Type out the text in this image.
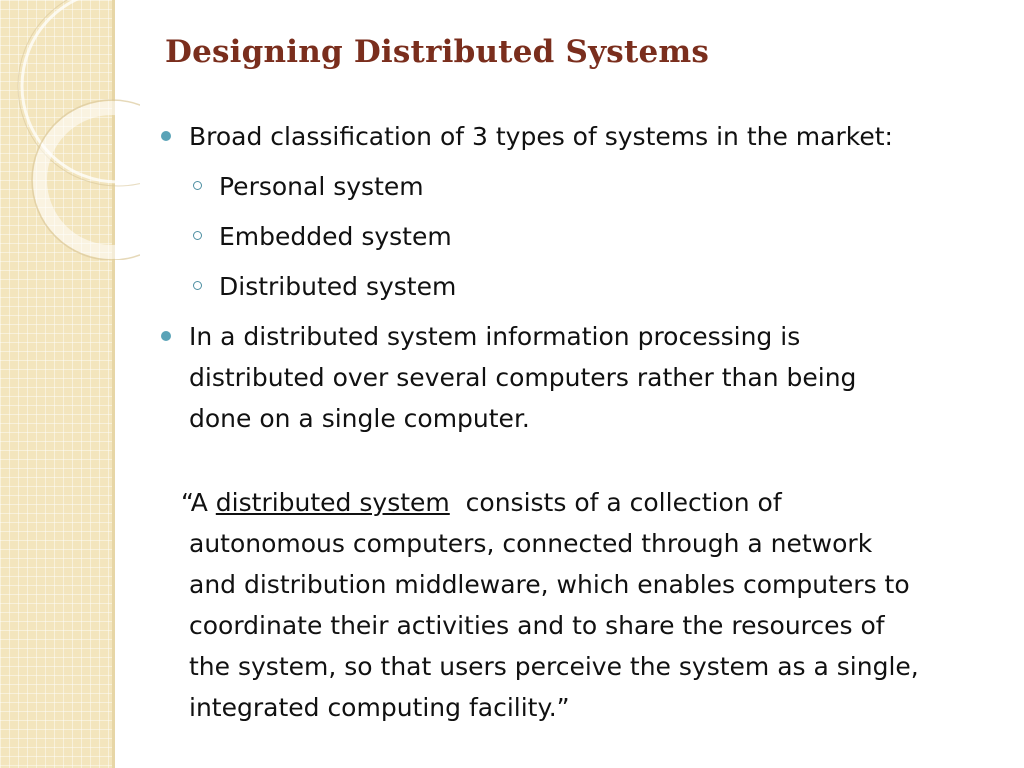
Designing Distributed Systems
Broad classification of 3 types of systems in the market:
Personal system
Embedded system
Distributed system
In a distributed system information processing is
distributed over several computers rather than being
done on a single computer.
“A distributed system consists of a collection of
autonomous computers, connected through a network
and distribution middleware, which enables computers to
coordinate their activities and to share the resources of
the system, so that users perceive the system as a single,
integrated computing facility.”
